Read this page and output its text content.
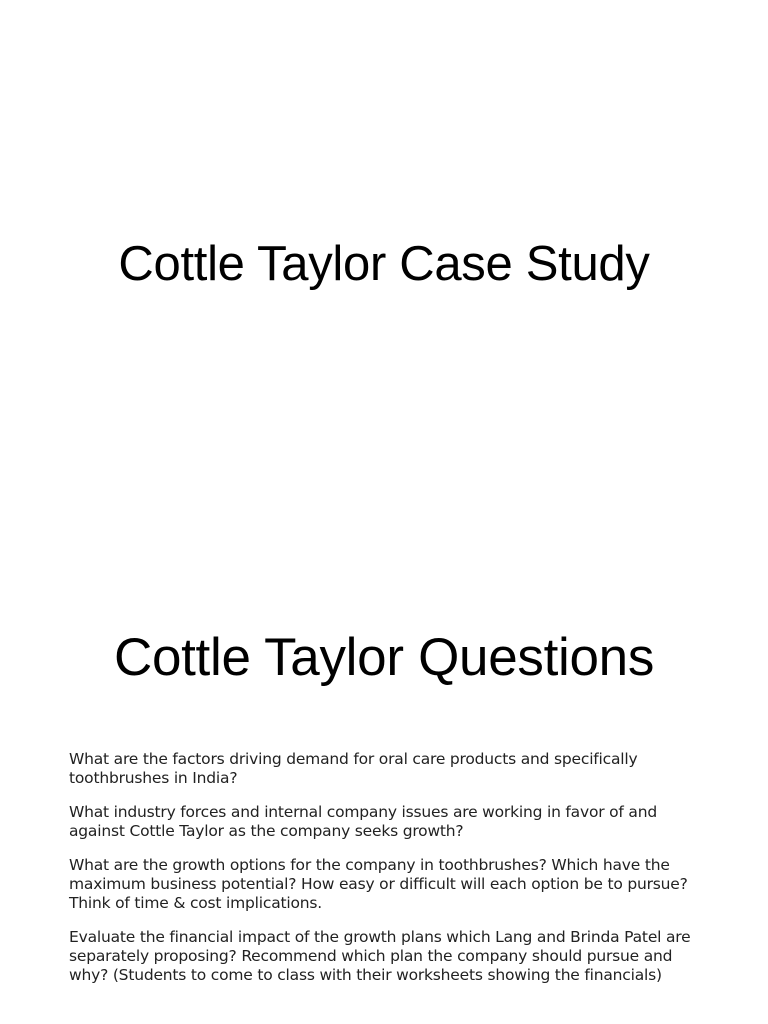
Cottle Taylor Case Study
Cottle Taylor Questions
What are the factors driving demand for oral care products and specifically toothbrushes in India?
What industry forces and internal company issues are working in favor of and against Cottle Taylor as the company seeks growth?
What are the growth options for the company in toothbrushes? Which have the maximum business potential? How easy or difficult will each option be to pursue? Think of time & cost implications.
Evaluate the financial impact of the growth plans which Lang and Brinda Patel are separately proposing? Recommend which plan the company should pursue and why? (Students to come to class with their worksheets showing the financials)
